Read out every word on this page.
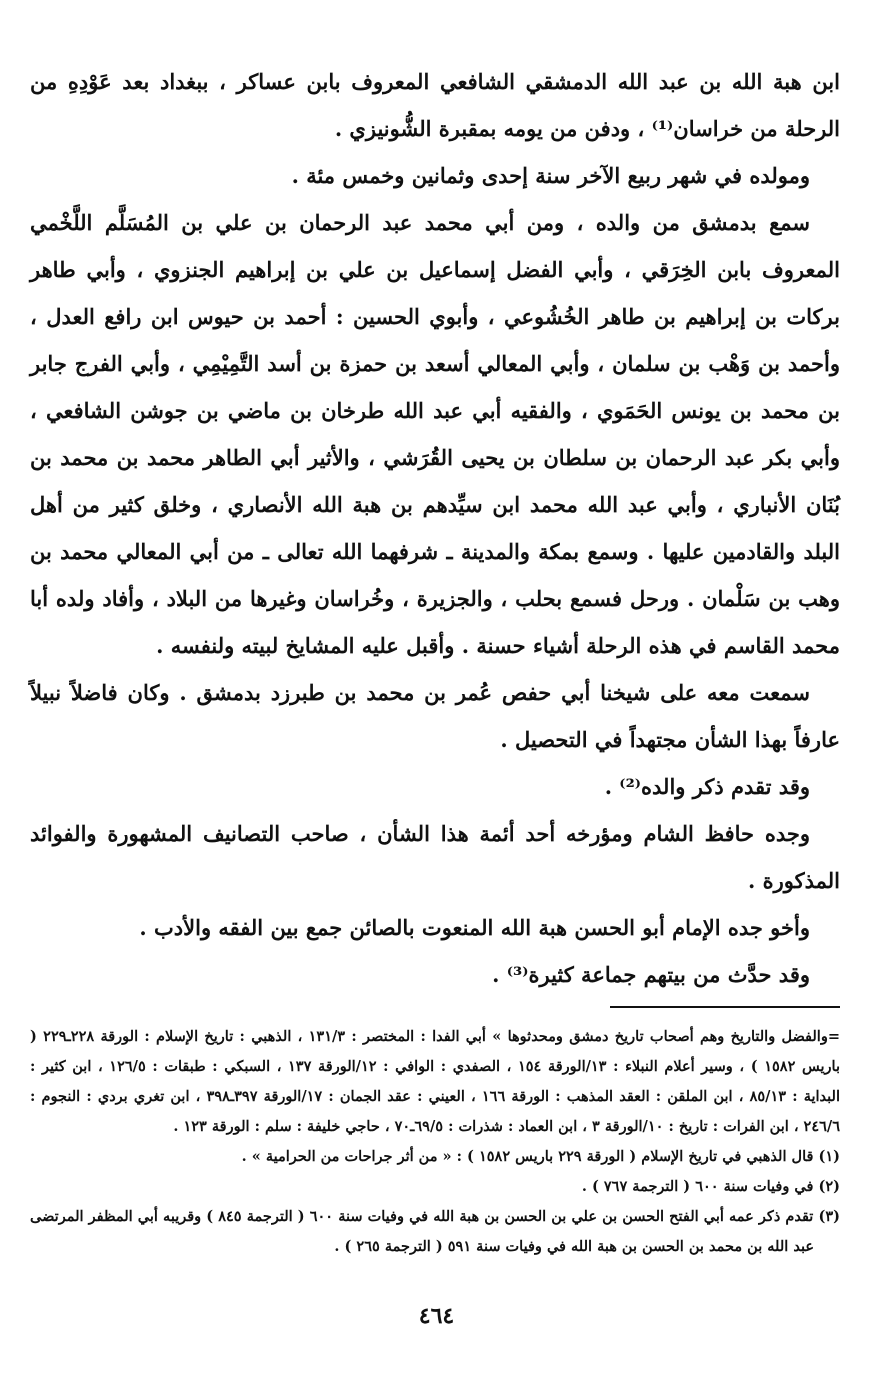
ابن هبة الله بن عبد الله الدمشقي الشافعي المعروف بابن عساكر ، ببغداد بعد عَوْدِهِ من الرحلة من خراسان⁽¹⁾ ، ودفن من يومه بمقبرة الشُّونيزي .

ومولده في شهر ربيع الآخر سنة إحدى وثمانين وخمس مئة .

سمع بدمشق من والده ، ومن أبي محمد عبد الرحمان بن علي بن المُسَلَّم اللَّخْمي المعروف بابن الخِرَقي ، وأبي الفضل إسماعيل بن علي بن إبراهيم الجنزوي ، وأبي طاهر بركات بن إبراهيم بن طاهر الخُشُوعي ، وأبوي الحسين : أحمد بن حيوس ابن رافع العدل ، وأحمد بن وَهْب بن سلمان ، وأبي المعالي أسعد بن حمزة بن أسد التَّمِيْمِي ، وأبي الفرج جابر بن محمد بن يونس الحَمَوي ، والفقيه أبي عبد الله طرخان بن ماضي بن جوشن الشافعي ، وأبي بكر عبد الرحمان بن سلطان بن يحيى القُرَشي ، والأثير أبي الطاهر محمد بن محمد بن بُنَان الأنباري ، وأبي عبد الله محمد ابن سيِّدهم بن هبة الله الأنصاري ، وخلق كثير من أهل البلد والقادمين عليها . وسمع بمكة والمدينة ـ شرفهما الله تعالى ـ من أبي المعالي محمد بن وهب بن سَلْمان . ورحل فسمع بحلب ، والجزيرة ، وخُراسان وغيرها من البلاد ، وأفاد ولده أبا محمد القاسم في هذه الرحلة أشياء حسنة . وأقبل عليه المشايخ لبيته ولنفسه .

سمعت معه على شيخنا أبي حفص عُمر بن محمد بن طبرزد بدمشق . وكان فاضلاً نبيلاً عارفاً بهذا الشأن مجتهداً في التحصيل .

وقد تقدم ذكر والده⁽²⁾ .

وجده حافظ الشام ومؤرخه أحد أئمة هذا الشأن ، صاحب التصانيف المشهورة والفوائد المذكورة .

وأخو جده الإمام أبو الحسن هبة الله المنعوت بالصائن جمع بين الفقه والأدب .

وقد حدَّث من بيتهم جماعة كثيرة⁽³⁾ .

=والفضل والتاريخ وهم أصحاب تاريخ دمشق ومحدثوها » أبي الفدا : المختصر : ١٣١/٣ ، الذهبي : تاريخ الإسلام : الورقة ٢٢٨ـ٢٢٩ ( باريس ١٥٨٢ ) ، وسير أعلام النبلاء : ١٣/الورقة ١٥٤ ، الصفدي : الوافي : ١٢/الورقة ١٣٧ ، السبكي : طبقات : ١٢٦/٥ ، ابن كثير : البداية : ٨٥/١٣ ، ابن الملقن : العقد المذهب : الورقة ١٦٦ ، العيني : عقد الجمان : ١٧/الورقة ٣٩٧ـ٣٩٨ ، ابن تغري بردي : النجوم : ٢٤٦/٦ ، ابن الفرات : تاريخ : ١٠/الورقة ٣ ، ابن العماد : شذرات : ٦٩/٥ـ٧٠ ، حاجي خليفة : سلم : الورقة ١٢٣ .

(١) قال الذهبي في تاريخ الإسلام ( الورقة ٢٢٩ باريس ١٥٨٢ ) : « من أثر جراحات من الحرامية » .

(٢) في وفيات سنة ٦٠٠ ( الترجمة ٧٦٧ ) .

(٣) تقدم ذكر عمه أبي الفتح الحسن بن علي بن الحسن بن هبة الله في وفيات سنة ٦٠٠ ( الترجمة ٨٤٥ ) وقريبه أبي المظفر المرتضى عبد الله بن محمد بن الحسن بن هبة الله في وفيات سنة ٥٩١ ( الترجمة ٢٦٥ ) .

٤٦٤
